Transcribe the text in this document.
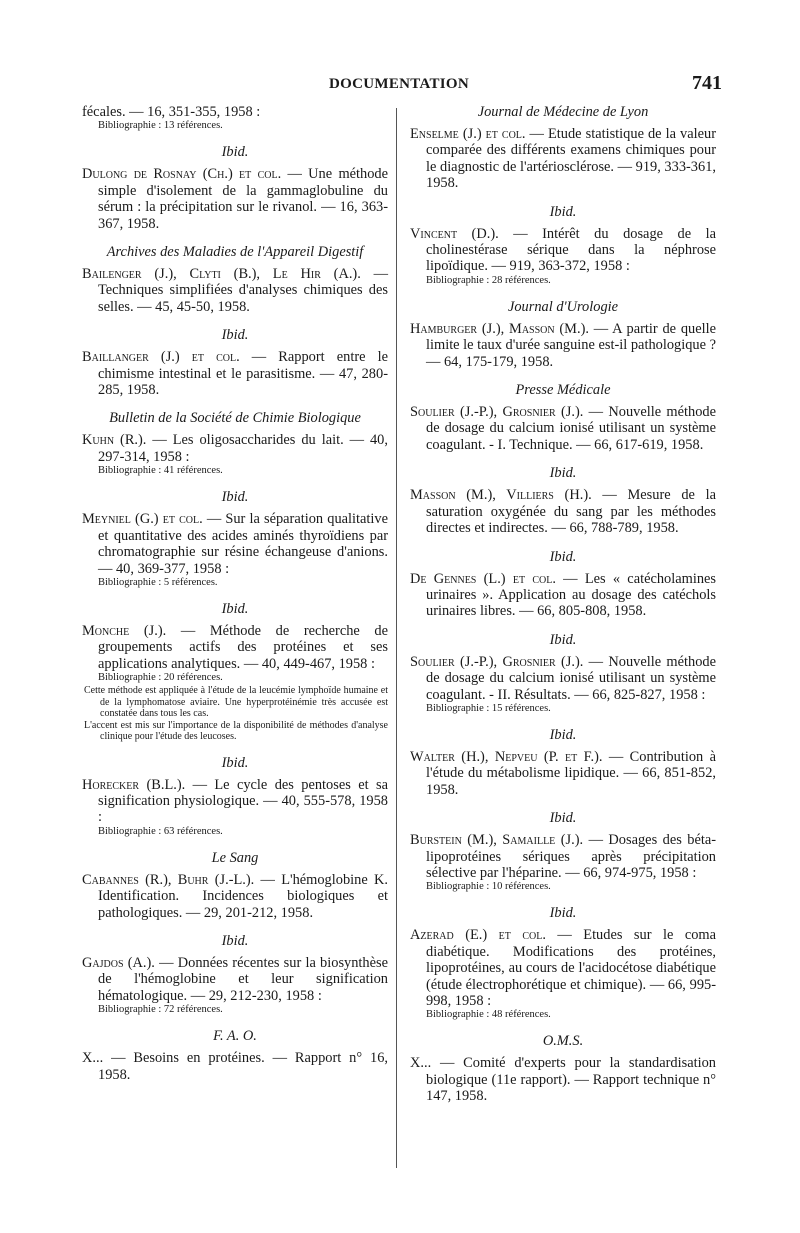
DOCUMENTATION	741

fécales. — 16, 351-355, 1958 :

Bibliographie : 13 références.
Ibid.

Dulong de Rosnay (Ch.) et col. — Une méthode simple d'isolement de la gammaglobuline du sérum : la précipitation sur le rivanol. — 16, 363-367, 1958.

Archives des Maladies de l'Appareil Digestif

Bailenger (J.), Clyti (B.), Le Hir (A.). — Techniques simplifiées d'analyses chimiques des selles. — 45, 45-50, 1958.

Ibid.

Baillanger (J.) et col. — Rapport entre le chimisme intestinal et le parasitisme. — 47, 280-285, 1958.

Bulletin de la Société de Chimie Biologique

Kuhn (R.). — Les oligosaccharides du lait. — 40, 297-314, 1958 :

Bibliographie : 41 références.
Ibid.

Meyniel (G.) et col. — Sur la séparation qualitative et quantitative des acides aminés thyroïdiens par chromatographie sur résine échangeuse d'anions. — 40, 369-377, 1958 :

Bibliographie : 5 références.
Ibid.

Monche (J.). — Méthode de recherche de groupements actifs des protéines et ses applications analytiques. — 40, 449-467, 1958 :

Bibliographie : 20 références.

Cette méthode est appliquée à l'étude de la leucémie lymphoïde humaine et de la lymphomatose aviaire. Une hyperprotéinémie très accusée est constatée dans tous les cas.

L'accent est mis sur l'importance de la disponibilité de méthodes d'analyse clinique pour l'étude des leucoses.

Ibid.

Horecker (B.L.). — Le cycle des pentoses et sa signification physiologique. — 40, 555-578, 1958 :

Bibliographie : 63 références.
Le Sang

Cabannes (R.), Buhr (J.-L.). — L'hémoglobine K. Identification. Incidences biologiques et pathologiques. — 29, 201-212, 1958.

Ibid.

Gajdos (A.). — Données récentes sur la biosynthèse de l'hémoglobine et leur signification hématologique. — 29, 212-230, 1958 :

Bibliographie : 72 références.
F. A. O.

X... — Besoins en protéines. — Rapport n° 16, 1958.

Journal de Médecine de Lyon

Enselme (J.) et col. — Etude statistique de la valeur comparée des différents examens chimiques pour le diagnostic de l'artériosclérose. — 919, 333-361, 1958.

Ibid.

Vincent (D.). — Intérêt du dosage de la cholinestérase sérique dans la néphrose lipoïdique. — 919, 363-372, 1958 :

Bibliographie : 28 références.
Journal d'Urologie

Hamburger (J.), Masson (M.). — A partir de quelle limite le taux d'urée sanguine est-il pathologique ? — 64, 175-179, 1958.

Presse Médicale

Soulier (J.-P.), Grosnier (J.). — Nouvelle méthode de dosage du calcium ionisé utilisant un système coagulant. - I. Technique. — 66, 617-619, 1958.

Ibid.

Masson (M.), Villiers (H.). — Mesure de la saturation oxygénée du sang par les méthodes directes et indirectes. — 66, 788-789, 1958.

Ibid.

De Gennes (L.) et col. — Les « catécholamines urinaires ». Application au dosage des catéchols urinaires libres. — 66, 805-808, 1958.

Ibid.

Soulier (J.-P.), Grosnier (J.). — Nouvelle méthode de dosage du calcium ionisé utilisant un système coagulant. - II. Résultats. — 66, 825-827, 1958 :

Bibliographie : 15 références.
Ibid.

Walter (H.), Nepveu (P. et F.). — Contribution à l'étude du métabolisme lipidique. — 66, 851-852, 1958.

Ibid.

Burstein (M.), Samaille (J.). — Dosages des béta-lipoprotéines sériques après précipitation sélective par l'héparine. — 66, 974-975, 1958 :

Bibliographie : 10 références.
Ibid.

Azerad (E.) et col. — Etudes sur le coma diabétique. Modifications des protéines, lipoprotéines, au cours de l'acidocétose diabétique (étude électrophorétique et chimique). — 66, 995-998, 1958 :

Bibliographie : 48 références.
O.M.S.

X... — Comité d'experts pour la standardisation biologique (11e rapport). — Rapport technique n° 147, 1958.
